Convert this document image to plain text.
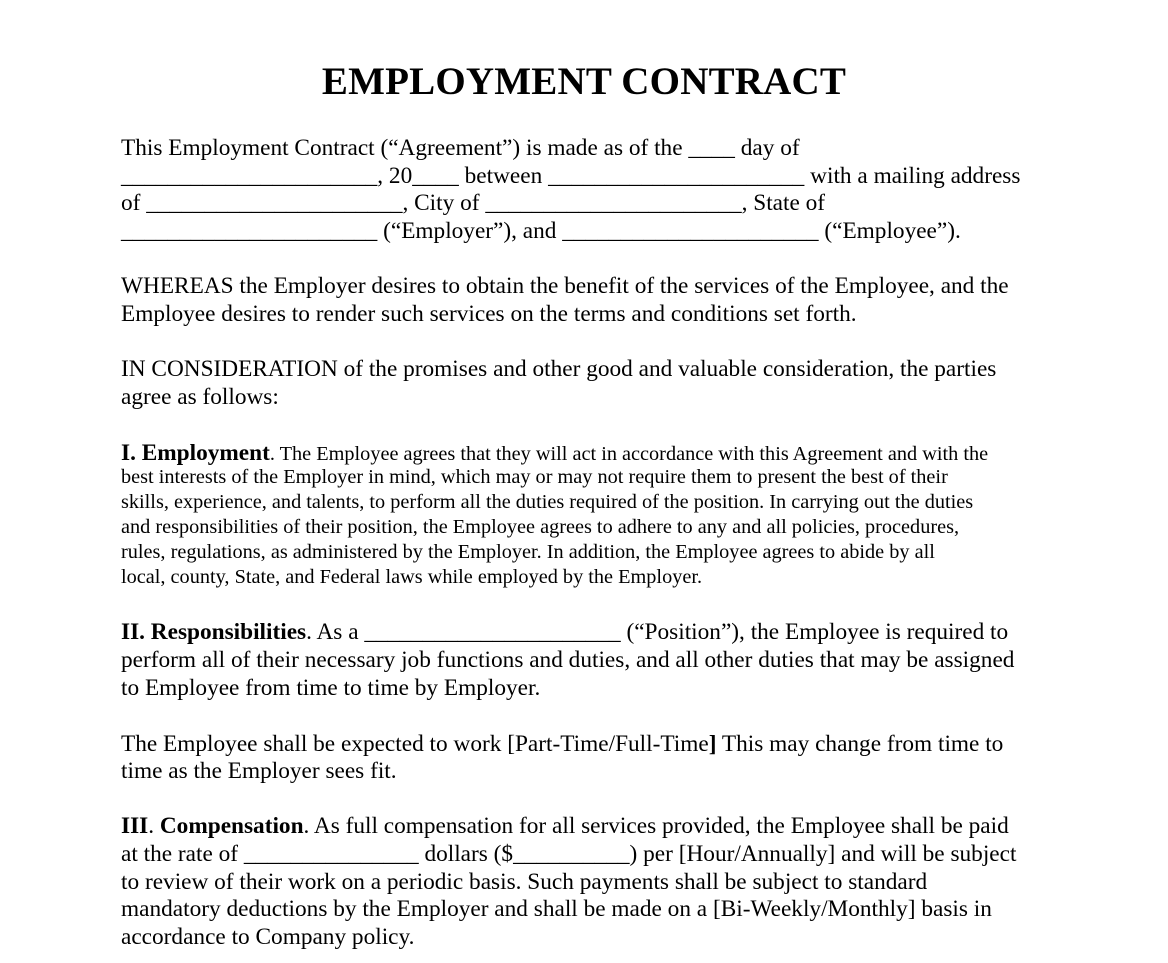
EMPLOYMENT CONTRACT

This Employment Contract (“Agreement”) is made as of the ____ day of

______________________, 20____ between ______________________ with a mailing address

of ______________________, City of ______________________, State of

______________________ (“Employer”), and ______________________ (“Employee”).

WHEREAS the Employer desires to obtain the benefit of the services of the Employee, and the

Employee desires to render such services on the terms and conditions set forth.

IN CONSIDERATION of the promises and other good and valuable consideration, the parties

agree as follows:

I. Employment. The Employee agrees that they will act in accordance with this Agreement and with the

best interests of the Employer in mind, which may or may not require them to present the best of their

skills, experience, and talents, to perform all the duties required of the position. In carrying out the duties

and responsibilities of their position, the Employee agrees to adhere to any and all policies, procedures,

rules, regulations, as administered by the Employer. In addition, the Employee agrees to abide by all

local, county, State, and Federal laws while employed by the Employer.

II. Responsibilities. As a ______________________ (“Position”), the Employee is required to

perform all of their necessary job functions and duties, and all other duties that may be assigned

to Employee from time to time by Employer.

The Employee shall be expected to work [Part-Time/Full-Time] This may change from time to

time as the Employer sees fit.

III. Compensation. As full compensation for all services provided, the Employee shall be paid

at the rate of _______________ dollars ($__________) per [Hour/Annually] and will be subject

to review of their work on a periodic basis. Such payments shall be subject to standard

mandatory deductions by the Employer and shall be made on a [Bi-Weekly/Monthly] basis in

accordance to Company policy.
